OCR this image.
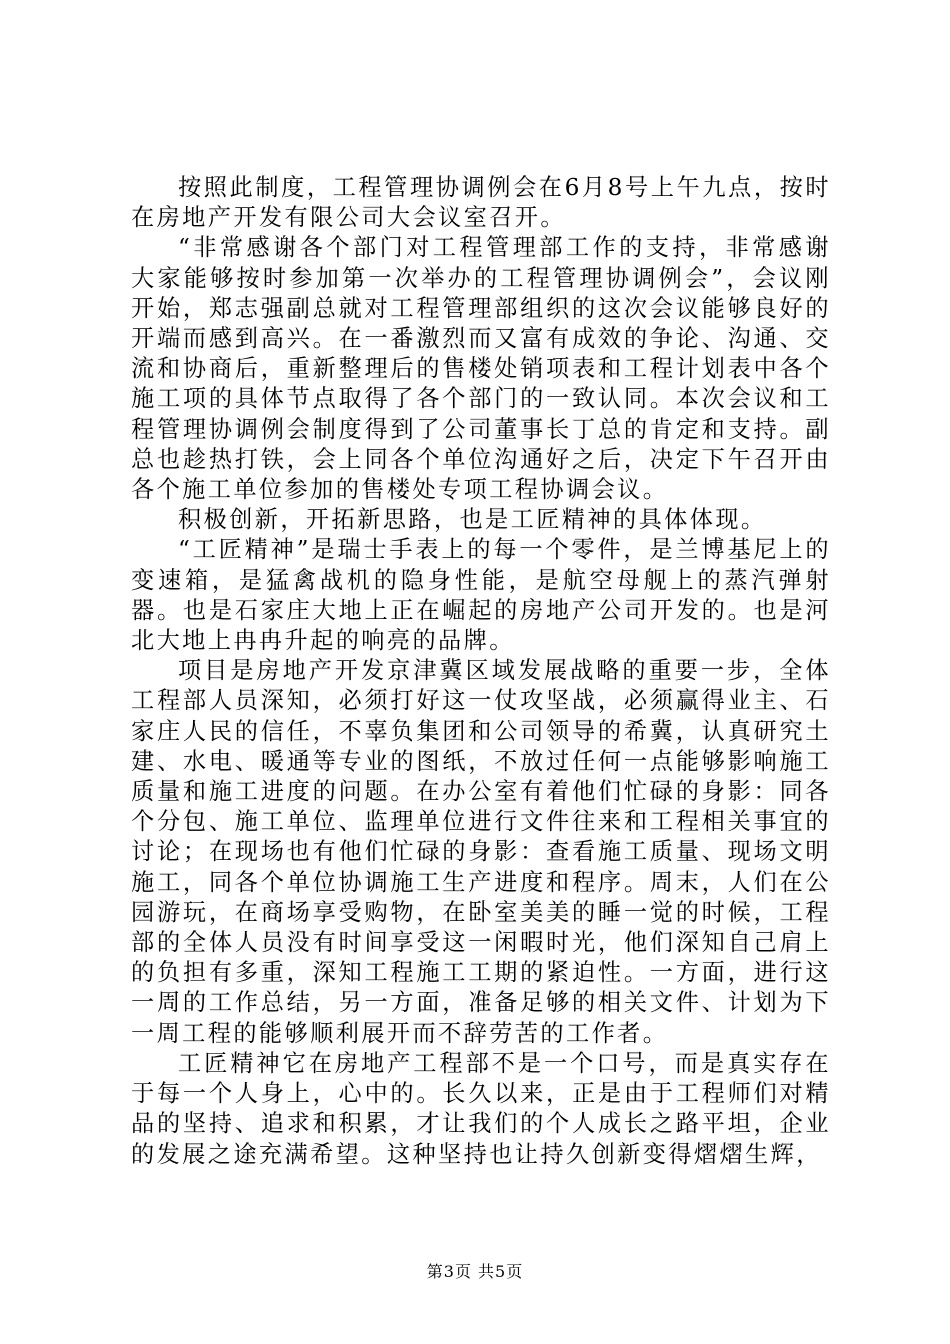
按照此制度，工程管理协调例会在6月8号上午九点，按时在房地产开发有限公司大会议室召开。

“非常感谢各个部门对工程管理部工作的支持，非常感谢大家能够按时参加第一次举办的工程管理协调例会”，会议刚开始，郑志强副总就对工程管理部组织的这次会议能够良好的开端而感到高兴。在一番激烈而又富有成效的争论、沟通、交流和协商后，重新整理后的售楼处销项表和工程计划表中各个施工项的具体节点取得了各个部门的一致认同。本次会议和工程管理协调例会制度得到了公司董事长丁总的肯定和支持。副总也趁热打铁，会上同各个单位沟通好之后，决定下午召开由各个施工单位参加的售楼处专项工程协调会议。

积极创新，开拓新思路，也是工匠精神的具体体现。

“工匠精神”是瑞士手表上的每一个零件，是兰博基尼上的变速箱，是猛禽战机的隐身性能，是航空母舰上的蒸汽弹射器。也是石家庄大地上正在崛起的房地产公司开发的。也是河北大地上冉冉升起的响亮的品牌。

项目是房地产开发京津冀区域发展战略的重要一步，全体工程部人员深知，必须打好这一仗攻坚战，必须赢得业主、石家庄人民的信任，不辜负集团和公司领导的希冀，认真研究土建、水电、暖通等专业的图纸，不放过任何一点能够影响施工质量和施工进度的问题。在办公室有着他们忙碌的身影：同各个分包、施工单位、监理单位进行文件往来和工程相关事宜的讨论；在现场也有他们忙碌的身影：查看施工质量、现场文明施工，同各个单位协调施工生产进度和程序。周末，人们在公园游玩，在商场享受购物，在卧室美美的睡一觉的时候，工程部的全体人员没有时间享受这一闲暇时光，他们深知自己肩上的负担有多重，深知工程施工工期的紧迫性。一方面，进行这一周的工作总结，另一方面，准备足够的相关文件、计划为下一周工程的能够顺利展开而不辞劳苦的工作者。

工匠精神它在房地产工程部不是一个口号，而是真实存在于每一个人身上，心中的。长久以来，正是由于工程师们对精品的坚持、追求和积累，才让我们的个人成长之路平坦，企业的发展之途充满希望。这种坚持也让持久创新变得熠熠生辉，

第3页 共5页
